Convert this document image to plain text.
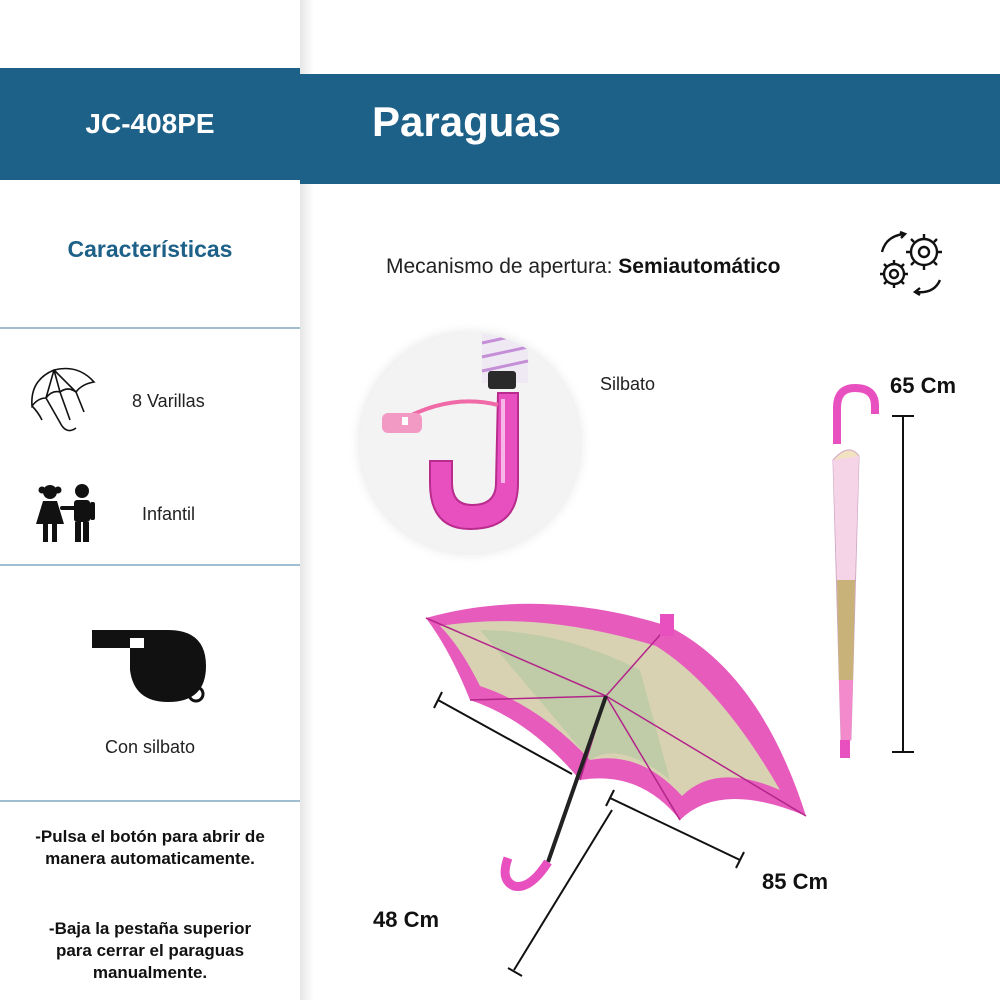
JC-408PE
Características
8 Varillas
Infantil
Con silbato
-Pulsa el botón para abrir de manera automaticamente.
-Baja la pestaña superior para cerrar el paraguas manualmente.
Paraguas
Mecanismo de apertura: Semiautomático
Silbato	65 Cm
85 Cm
48 Cm
